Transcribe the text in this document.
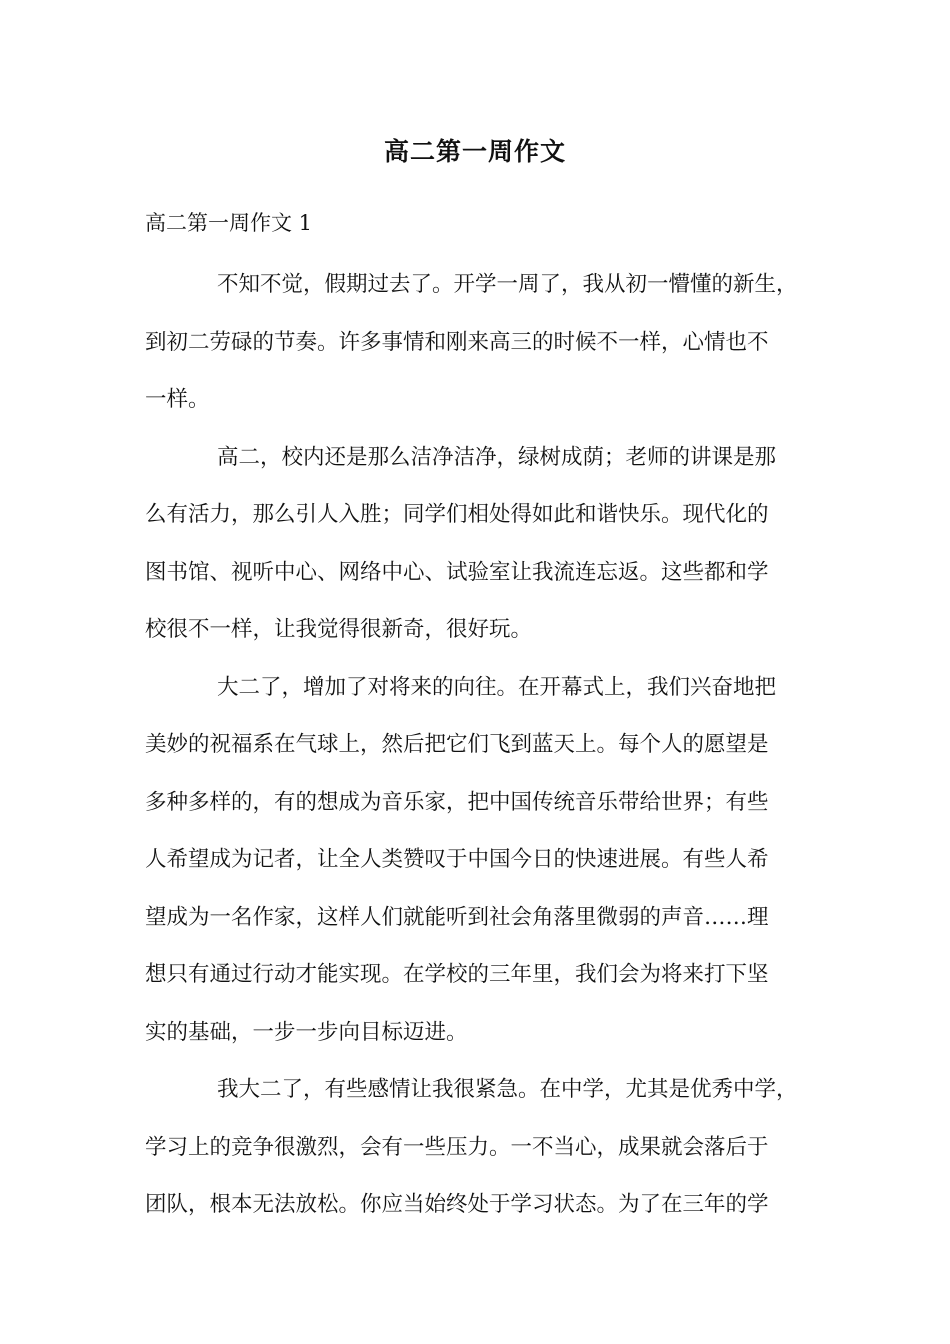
高二第一周作文
高二第一周作文 1

不知不觉，假期过去了。开学一周了，我从初一懵懂的新生，
到初二劳碌的节奏。许多事情和刚来高三的时候不一样，心情也不
一样。

高二，校内还是那么洁净洁净，绿树成荫；老师的讲课是那
么有活力，那么引人入胜；同学们相处得如此和谐快乐。现代化的
图书馆、视听中心、网络中心、试验室让我流连忘返。这些都和学
校很不一样，让我觉得很新奇，很好玩。

大二了，增加了对将来的向往。在开幕式上，我们兴奋地把
美妙的祝福系在气球上，然后把它们飞到蓝天上。每个人的愿望是
多种多样的，有的想成为音乐家，把中国传统音乐带给世界；有些
人希望成为记者，让全人类赞叹于中国今日的快速进展。有些人希
望成为一名作家，这样人们就能听到社会角落里微弱的声音……理
想只有通过行动才能实现。在学校的三年里，我们会为将来打下坚
实的基础，一步一步向目标迈进。

我大二了，有些感情让我很紧急。在中学，尤其是优秀中学，
学习上的竞争很激烈，会有一些压力。一不当心，成果就会落后于
团队，根本无法放松。你应当始终处于学习状态。为了在三年的学
